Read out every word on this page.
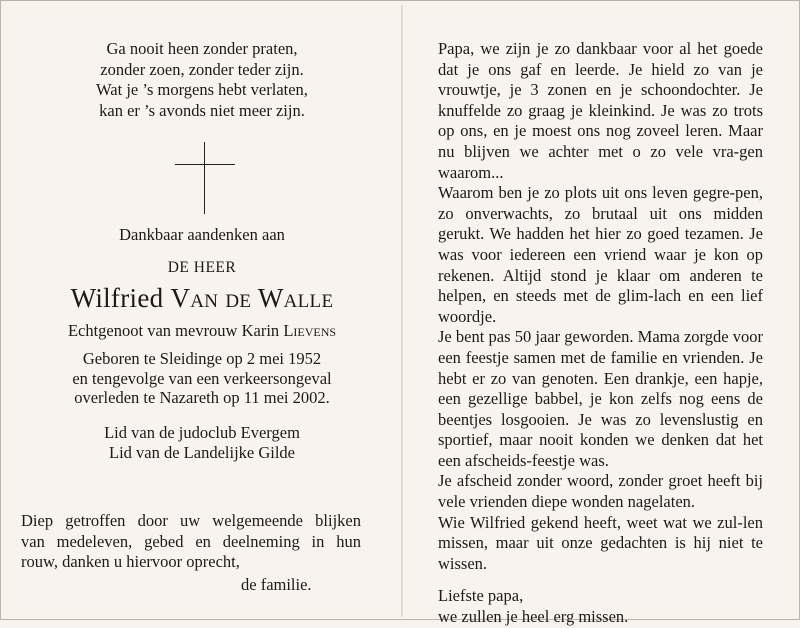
Ga nooit heen zonder praten,
zonder zoen, zonder teder zijn.
Wat je ’s morgens hebt verlaten,
kan er ’s avonds niet meer zijn.
Dankbaar aandenken aan
DE HEER
Wilfried Van de Walle
Echtgenoot van mevrouw Karin Lievens
Geboren te Sleidinge op 2 mei 1952
en tengevolge van een verkeersongeval
overleden te Nazareth op 11 mei 2002.
Lid van de judoclub Evergem
Lid van de Landelijke Gilde
Diep getroffen door uw welgemeende blijken
van medeleven, gebed en deelneming in hun
rouw, danken u hiervoor oprecht,
de familie.

Papa, we zijn je zo dankbaar voor al het goede dat je ons gaf en leerde. Je hield zo van je vrouwtje, je 3 zonen en je schoondochter. Je knuffelde zo graag je kleinkind. Je was zo trots op ons, en je moest ons nog zoveel leren. Maar nu blijven we achter met o zo vele vra-gen waarom...

Waarom ben je zo plots uit ons leven gegre-pen, zo onverwachts, zo brutaal uit ons midden gerukt. We hadden het hier zo goed tezamen. Je was voor iedereen een vriend waar je kon op rekenen. Altijd stond je klaar om anderen te helpen, en steeds met de glim-lach en een lief woordje.

Je bent pas 50 jaar geworden. Mama zorgde voor een feestje samen met de familie en vrienden. Je hebt er zo van genoten. Een drankje, een hapje, een gezellige babbel, je kon zelfs nog eens de beentjes losgooien. Je was zo levenslustig en sportief, maar nooit konden we denken dat het een afscheids-feestje was.

Je afscheid zonder woord, zonder groet heeft bij vele vrienden diepe wonden nagelaten.

Wie Wilfried gekend heeft, weet wat we zul-len missen, maar uit onze gedachten is hij niet te wissen.

Liefste papa,
we zullen je heel erg missen.
